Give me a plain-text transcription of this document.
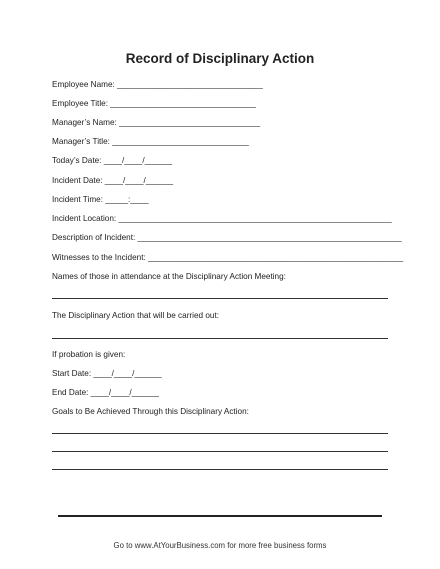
Record of Disciplinary Action
Employee Name: ________________________________
Employee Title: ________________________________
Manager’s Name: _______________________________
Manager’s Title: ______________________________
Today’s Date: ____/____/______
Incident Date: ____/____/______
Incident Time: _____:____
Incident Location: ____________________________________________________________
Description of Incident: __________________________________________________________
Witnesses to the Incident: ________________________________________________________
Names of those in attendance at the Disciplinary Action Meeting:
The Disciplinary Action that will be carried out:
If probation is given:
Start Date: ____/____/______
End Date: ____/____/______
Goals to Be Achieved Through this Disciplinary Action:
Go to www.AtYourBusiness.com for more free business forms
